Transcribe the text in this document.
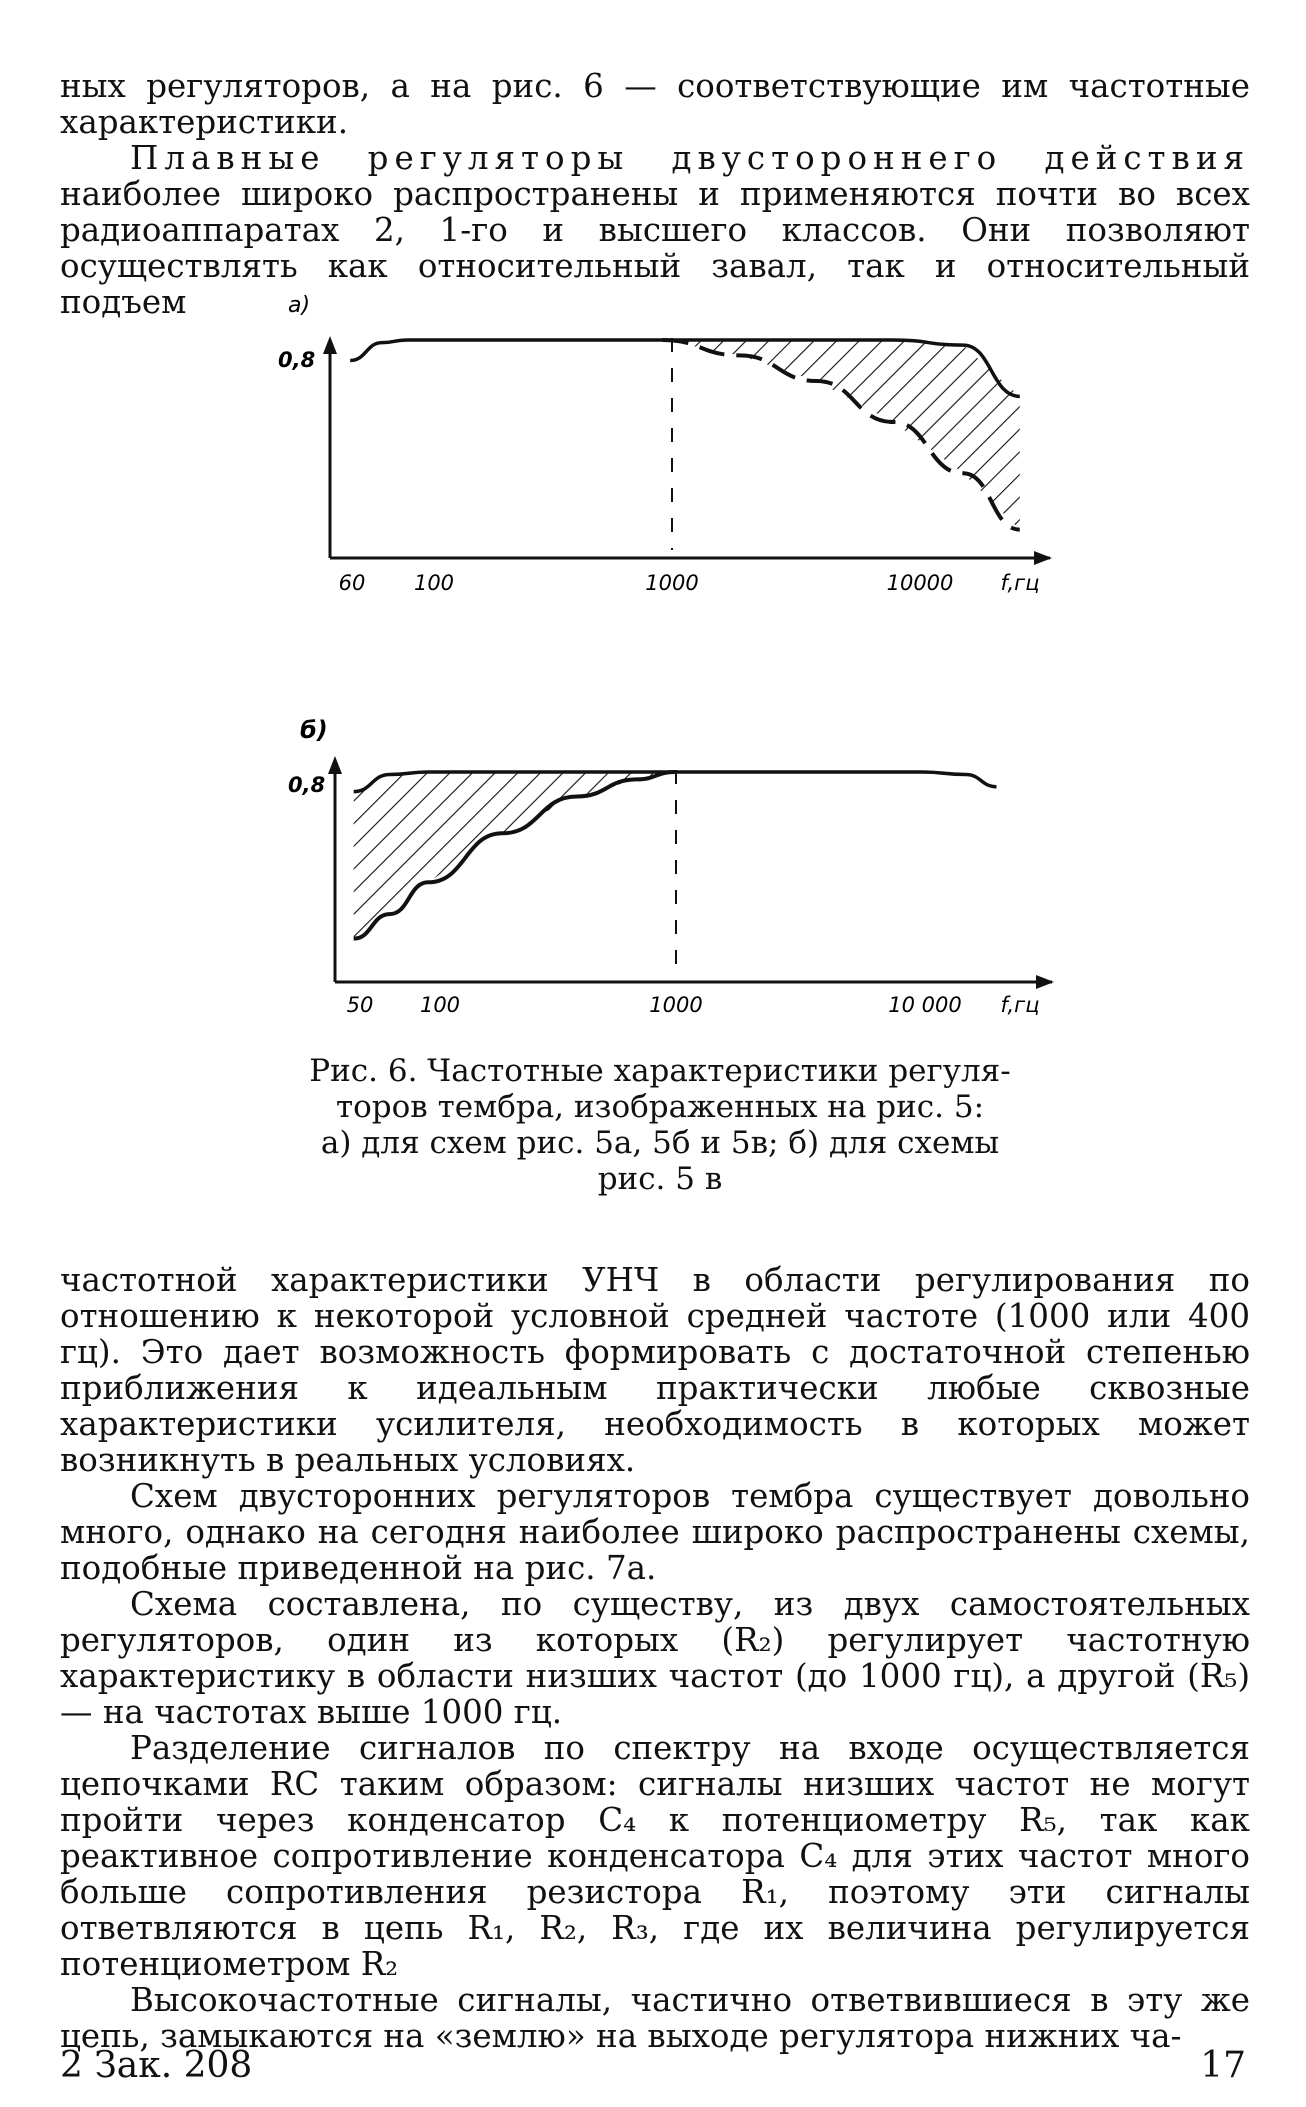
ных регуляторов, а на рис. 6 — соответствующие им частотные характеристики.

Плавные регуляторы двустороннего действия наиболее широко распространены и применяются почти во всех радиоаппаратах 2, 1-го и высшего классов. Они позволяют осуществлять как относительный завал, так и относительный подъем	а)
0,8
60 100	1000	10000 f,гц
б)
0,8
50 100	1000	10 000 f,гц
Рис. 6. Частотные характеристики регуля-
торов тембра, изображенных на рис. 5:
а) для схем рис. 5а, 5б и 5в; б) для схемы
рис. 5 в

частотной характеристики УНЧ в области регулирования по отношению к некоторой условной средней частоте (1000 или 400 гц). Это дает возможность формировать с достаточной степенью приближения к идеальным практически любые сквозные характеристики усилителя, необходимость в которых может возникнуть в реальных условиях.

Схем двусторонних регуляторов тембра существует довольно много, однако на сегодня наиболее широко распространены схемы, подобные приведенной на рис. 7а.

Схема составлена, по существу, из двух самостоятельных регуляторов, один из которых (R₂) регулирует частотную характеристику в области низших частот (до 1000 гц), а другой (R₅) — на частотах выше 1000 гц.

Разделение сигналов по спектру на входе осуществляется цепочками RC таким образом: сигналы низших частот не могут пройти через конденсатор C₄ к потенциометру R₅, так как реактивное сопротивление конденсатора C₄ для этих частот много больше сопротивления резистора R₁, поэтому эти сигналы ответвляются в цепь R₁, R₂, R₃, где их величина регулируется потенциометром R₂

Высокочастотные сигналы, частично ответвившиеся в эту же цепь, замыкаются на «землю» на выходе регулятора нижних ча-

2 Зак. 208	17
